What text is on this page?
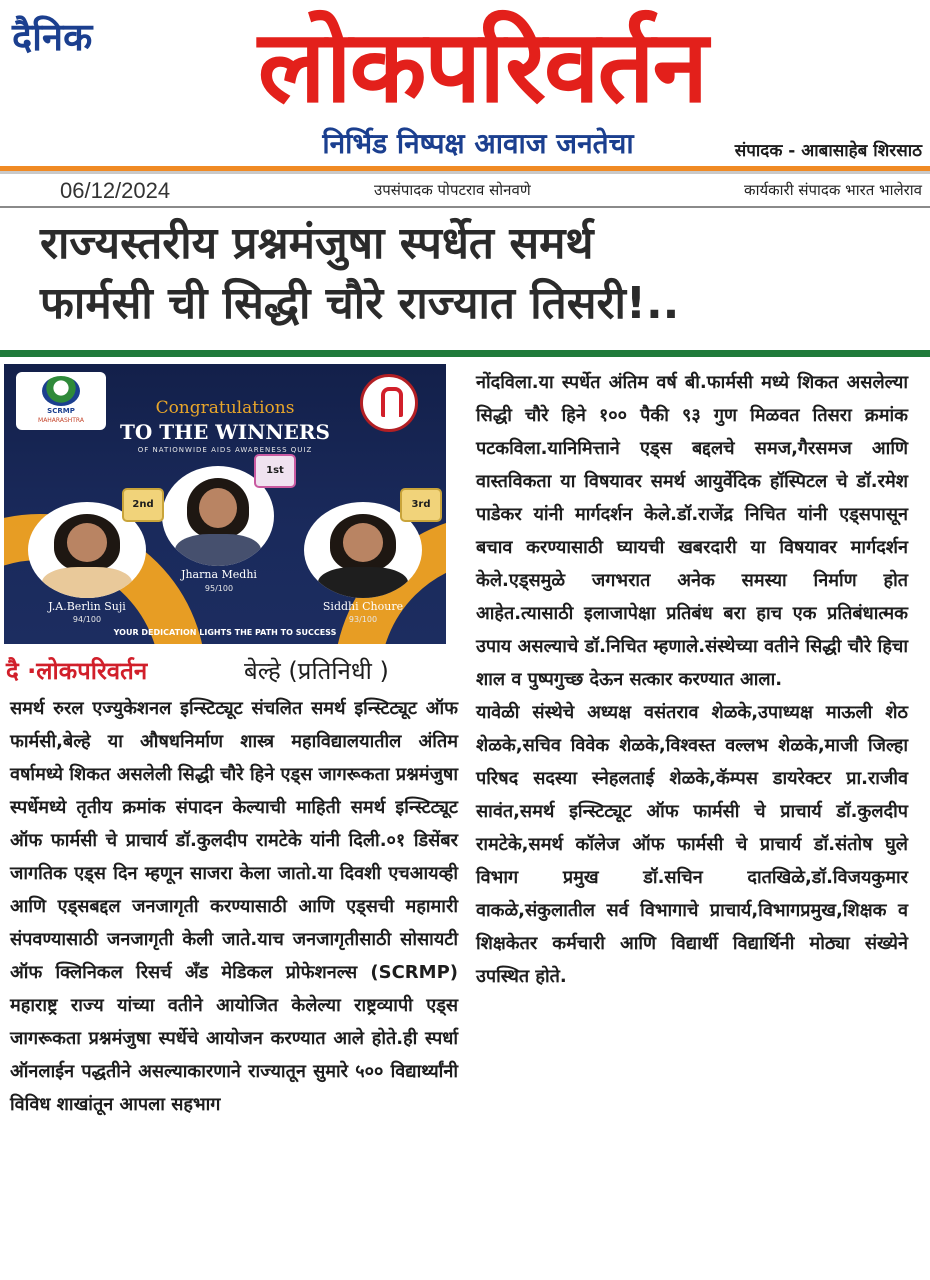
दैनिक	लोकपरिवर्तन
निर्भिड निष्पक्ष आवाज जनतेचा	संपादक - आबासाहेब शिरसाठ
06/12/2024	उपसंपादक पोपटराव सोनवणे	कार्यकारी संपादक भारत भालेराव
राज्यस्तरीय प्रश्नमंजुषा स्पर्धेत समर्थ
फार्मसी ची सिद्धी चौरे राज्यात तिसरी!..
SCRMP
MAHARASHTRA
Congratulations
TO THE WINNERS
OF NATIONWIDE AIDS AWARENESS QUIZ
1st
Jharna Medhi
95/100
2nd
J.A.Berlin Suji
94/100
3rd
Siddhi Choure
93/100
YOUR DEDICATION LIGHTS THE PATH TO SUCCESS
दै ·लोकपरिवर्तन	बेल्हे (प्रतिनिधी )

समर्थ रुरल एज्युकेशनल इन्स्टिट्यूट संचलित समर्थ इन्स्टिट्यूट ऑफ फार्मसी,बेल्हे या औषधनिर्माण शास्त्र महाविद्यालयातील अंतिम वर्षामध्ये शिकत असलेली सिद्धी चौरे हिने एड्स जागरूकता प्रश्नमंजुषा स्पर्धेमध्ये तृतीय क्रमांक संपादन केल्याची माहिती समर्थ इन्स्टिट्यूट ऑफ फार्मसी चे प्राचार्य डॉ.कुलदीप रामटेके यांनी दिली.०१ डिसेंबर जागतिक एड्स दिन म्हणून साजरा केला जातो.या दिवशी एचआयव्ही आणि एड्सबद्दल जनजागृती करण्यासाठी आणि एड्सची महामारी संपवण्यासाठी जनजागृती केली जाते.याच जनजागृतीसाठी सोसायटी ऑफ क्लिनिकल रिसर्च अँड मेडिकल प्रोफेशनल्स (SCRMP) महाराष्ट्र राज्य यांच्या वतीने आयोजित केलेल्या राष्ट्रव्यापी एड्स जागरूकता प्रश्नमंजुषा स्पर्धेचे आयोजन करण्यात आले होते.ही स्पर्धा ऑनलाईन पद्धतीने असल्याकारणाने राज्यातून सुमारे ५०० विद्यार्थ्यांनी विविध शाखांतून आपला सहभाग

नोंदविला.या स्पर्धेत अंतिम वर्ष बी.फार्मसी मध्ये शिकत असलेल्या सिद्धी चौरे हिने १०० पैकी ९३ गुण मिळवत तिसरा क्रमांक पटकविला.यानिमित्ताने एड्स बद्दलचे समज,गैरसमज आणि वास्तविकता या विषयावर समर्थ आयुर्वेदिक हॉस्पिटल चे डॉ.रमेश पाडेकर यांनी मार्गदर्शन केले.डॉ.राजेंद्र निचित यांनी एड्सपासून बचाव करण्यासाठी घ्यायची खबरदारी या विषयावर मार्गदर्शन केले.एड्समुळे जगभरात अनेक समस्या निर्माण होत आहेत.त्यासाठी इलाजापेक्षा प्रतिबंध बरा हाच एक प्रतिबंधात्मक उपाय असल्याचे डॉ.निचित म्हणाले.संस्थेच्या वतीने सिद्धी चौरे हिचा शाल व पुष्पगुच्छ देऊन सत्कार करण्यात आला.

यावेळी संस्थेचे अध्यक्ष वसंतराव शेळके,उपाध्यक्ष माऊली शेठ शेळके,सचिव विवेक शेळके,विश्वस्त वल्लभ शेळके,माजी जिल्हा परिषद सदस्या स्नेहलताई शेळके,कॅम्पस डायरेक्टर प्रा.राजीव सावंत,समर्थ इन्स्टिट्यूट ऑफ फार्मसी चे प्राचार्य डॉ.कुलदीप रामटेके,समर्थ कॉलेज ऑफ फार्मसी चे प्राचार्य डॉ.संतोष घुले विभाग प्रमुख डॉ.सचिन दातखिळे,डॉ.विजयकुमार वाकळे,संकुलातील सर्व विभागाचे प्राचार्य,विभागप्रमुख,शिक्षक व शिक्षकेतर कर्मचारी आणि विद्यार्थी विद्यार्थिनी मोठ्या संख्येने उपस्थित होते.
